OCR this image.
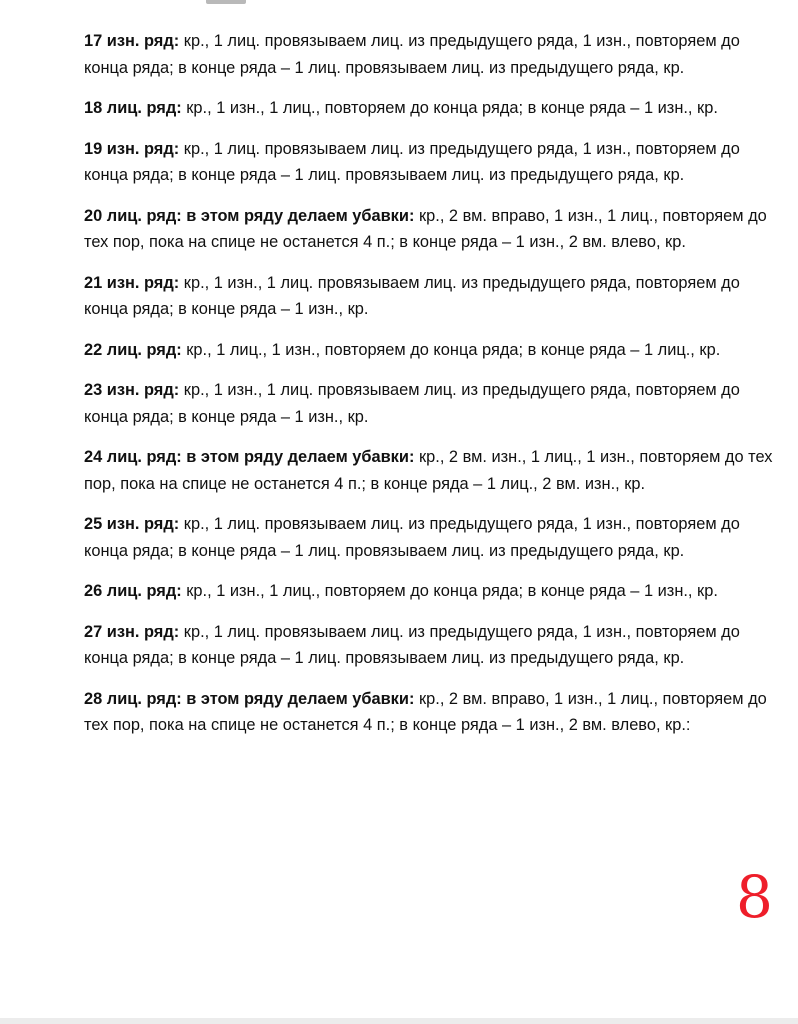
17 изн. ряд: кр., 1 лиц. провязываем лиц. из предыдущего ряда, 1 изн., повторяем до конца ряда; в конце ряда – 1 лиц. провязываем лиц. из предыдущего ряда, кр.

18 лиц. ряд: кр., 1 изн., 1 лиц., повторяем до конца ряда; в конце ряда – 1 изн., кр.

19 изн. ряд: кр., 1 лиц. провязываем лиц. из предыдущего ряда, 1 изн., повторяем до конца ряда; в конце ряда – 1 лиц. провязываем лиц. из предыдущего ряда, кр.

20 лиц. ряд: в этом ряду делаем убавки: кр., 2 вм. вправо, 1 изн., 1 лиц., повторяем до тех пор, пока на спице не останется 4 п.; в конце ряда – 1 изн., 2 вм. влево, кр.

21 изн. ряд: кр., 1 изн., 1 лиц. провязываем лиц. из предыдущего ряда, повторяем до конца ряда; в конце ряда – 1 изн., кр.

22 лиц. ряд: кр., 1 лиц., 1 изн., повторяем до конца ряда; в конце ряда – 1 лиц., кр.

23 изн. ряд: кр., 1 изн., 1 лиц. провязываем лиц. из предыдущего ряда, повторяем до конца ряда; в конце ряда – 1 изн., кр.

24 лиц. ряд: в этом ряду делаем убавки: кр., 2 вм. изн., 1 лиц., 1 изн., повторяем до тех пор, пока на спице не останется 4 п.; в конце ряда – 1 лиц., 2 вм. изн., кр.

25 изн. ряд: кр., 1 лиц. провязываем лиц. из предыдущего ряда, 1 изн., повторяем до конца ряда; в конце ряда – 1 лиц. провязываем лиц. из предыдущего ряда, кр.

26 лиц. ряд: кр., 1 изн., 1 лиц., повторяем до конца ряда; в конце ряда – 1 изн., кр.

27 изн. ряд: кр., 1 лиц. провязываем лиц. из предыдущего ряда, 1 изн., повторяем до конца ряда; в конце ряда – 1 лиц. провязываем лиц. из предыдущего ряда, кр.

28 лиц. ряд: в этом ряду делаем убавки: кр., 2 вм. вправо, 1 изн., 1 лиц., повторяем до тех пор, пока на спице не останется 4 п.; в конце ряда – 1 изн., 2 вм. влево, кр.:

8
